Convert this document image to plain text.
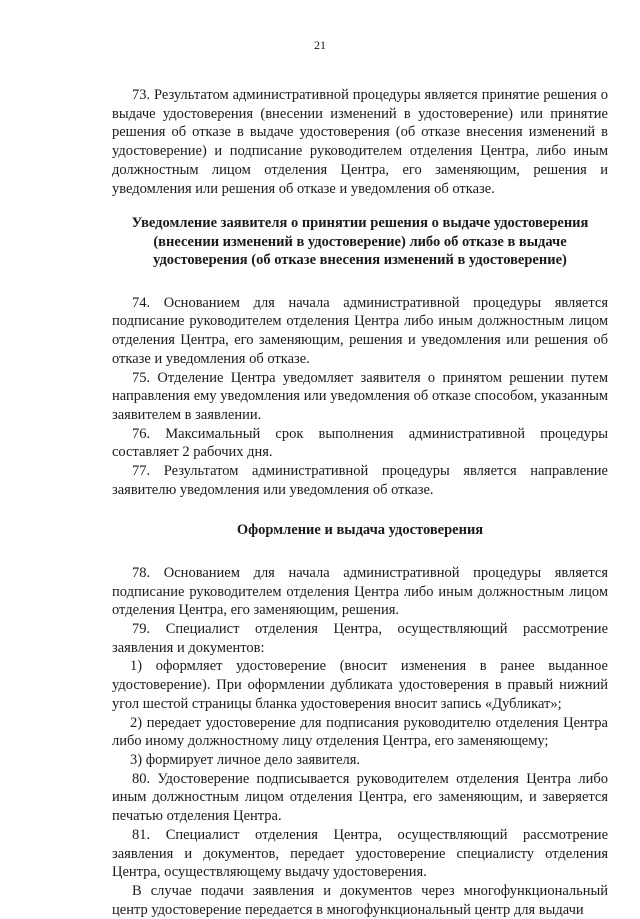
21

73. Результатом административной процедуры является принятие решения о выдаче удостоверения (внесении изменений в удостоверение) или принятие решения об отказе в выдаче удостоверения (об отказе внесения изменений в удостоверение) и подписание руководителем отделения Центра, либо иным должностным лицом отделения Центра, его заменяющим, решения и уведомления или решения об отказе и уведомления об отказе.

Уведомление заявителя о принятии решения о выдаче удостоверения (внесении изменений в удостоверение) либо об отказе в выдаче удостоверения (об отказе внесения изменений в удостоверение)

74. Основанием для начала административной процедуры является подписание руководителем отделения Центра либо иным должностным лицом отделения Центра, его заменяющим, решения и уведомления или решения об отказе и уведомления об отказе.

75. Отделение Центра уведомляет заявителя о принятом решении путем направления ему уведомления или уведомления об отказе способом, указанным заявителем в заявлении.

76. Максимальный срок выполнения административной процедуры составляет 2 рабочих дня.

77. Результатом административной процедуры является направление заявителю уведомления или уведомления об отказе.

Оформление и выдача удостоверения

78. Основанием для начала административной процедуры является подписание руководителем отделения Центра либо иным должностным лицом отделения Центра, его заменяющим, решения.

79. Специалист отделения Центра, осуществляющий рассмотрение заявления и документов:

1) оформляет удостоверение (вносит изменения в ранее выданное удостоверение). При оформлении дубликата удостоверения в правый нижний угол шестой страницы бланка удостоверения вносит запись «Дубликат»;

2) передает удостоверение для подписания руководителю отделения Центра либо иному должностному лицу отделения Центра, его заменяющему;

3) формирует личное дело заявителя.

80. Удостоверение подписывается руководителем отделения Центра либо иным должностным лицом отделения Центра, его заменяющим, и заверяется печатью отделения Центра.

81. Специалист отделения Центра, осуществляющий рассмотрение заявления и документов, передает удостоверение специалисту отделения Центра, осуществляющему выдачу удостоверения.

В случае подачи заявления и документов через многофункциональный центр удостоверение передается в многофункциональный центр для выдачи
